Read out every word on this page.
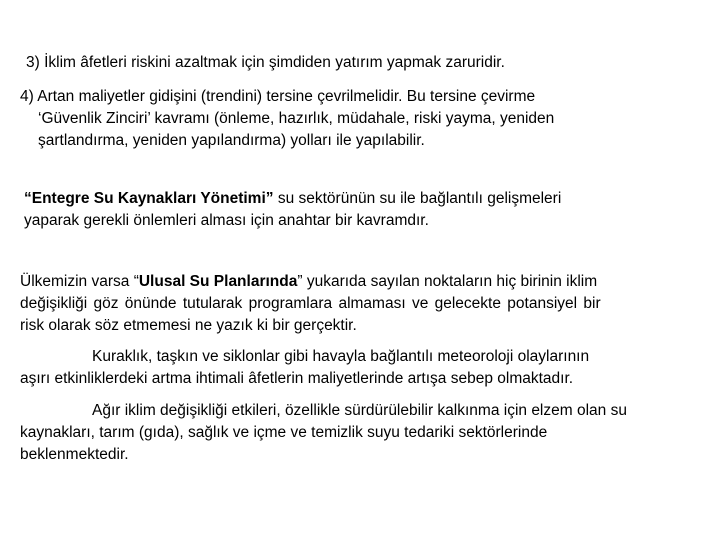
3) İklim âfetleri riskini azaltmak için şimdiden yatırım yapmak zaruridir.

4) Artan maliyetler gidişini (trendini) tersine çevrilmelidir. Bu tersine çevirme
‘Güvenlik Zinciri’ kavramı (önleme, hazırlık, müdahale, riski yayma, yeniden
şartlandırma, yeniden yapılandırma) yolları ile yapılabilir.

“Entegre Su Kaynakları Yönetimi” su sektörünün su ile bağlantılı gelişmeleri
yaparak gerekli önlemleri alması için anahtar bir kavramdır.

Ülkemizin varsa “Ulusal Su Planlarında” yukarıda sayılan noktaların hiç birinin iklim
değişikliği göz önünde tutularak programlara almaması ve gelecekte potansiyel bir
risk olarak söz etmemesi ne yazık ki bir gerçektir.

Kuraklık, taşkın ve siklonlar gibi havayla bağlantılı meteoroloji olaylarının
aşırı etkinliklerdeki artma ihtimali âfetlerin maliyetlerinde artışa sebep olmaktadır.

Ağır iklim değişikliği etkileri, özellikle sürdürülebilir kalkınma için elzem olan su
kaynakları, tarım (gıda), sağlık ve içme ve temizlik suyu tedariki sektörlerinde
beklenmektedir.
